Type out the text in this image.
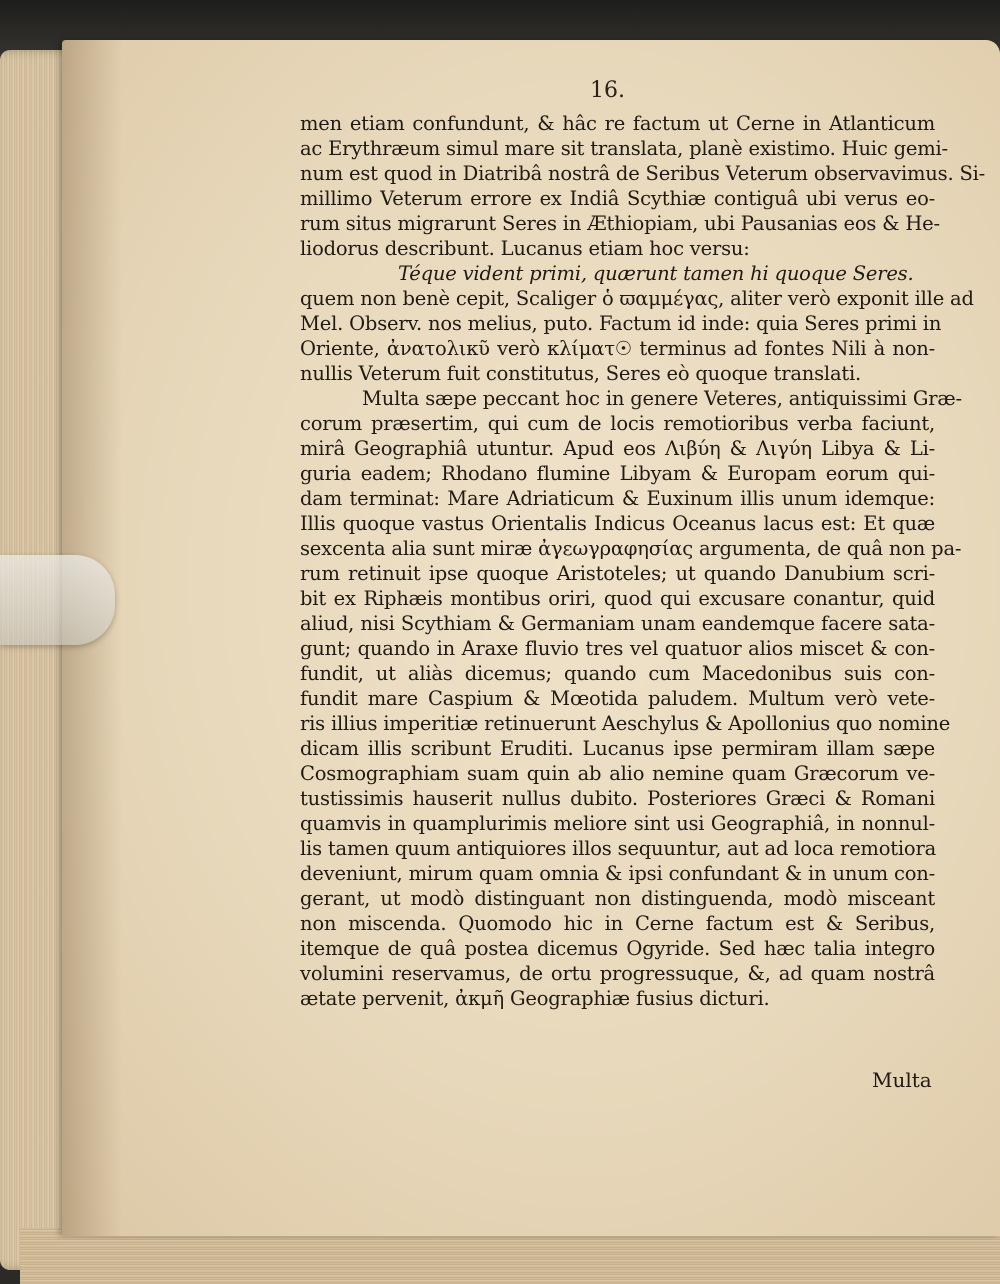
16.

men etiam confundunt, & hâc re factum ut Cerne in Atlanticum

ac Erythræum simul mare sit translata, planè existimo. Huic gemi-

num est quod in Diatribâ nostrâ de Seribus Veterum observavimus. Si-

millimo Veterum errore ex Indiâ Scythiæ contiguâ ubi verus eo-

rum situs migrarunt Seres in Æthiopiam, ubi Pausanias eos & He-

liodorus describunt. Lucanus etiam hoc versu:

Téque vident primi, quærunt tamen hi quoque Seres.

quem non benè cepit, Scaliger ὁ ϖαμμέγας, aliter verò exponit ille ad

Mel. Observ. nos melius, puto. Factum id inde: quia Seres primi in

Oriente, ἀνατολικῦ verò κλίματ☉ terminus ad fontes Nili à non-

nullis Veterum fuit constitutus, Seres eò quoque translati.

Multa sæpe peccant hoc in genere Veteres, antiquissimi Græ-

corum præsertim, qui cum de locis remotioribus verba faciunt,

mirâ Geographiâ utuntur. Apud eos Λιβύη & Λιγύη Libya & Li-

guria eadem; Rhodano flumine Libyam & Europam eorum qui-

dam terminat: Mare Adriaticum & Euxinum illis unum idemque:

Illis quoque vastus Orientalis Indicus Oceanus lacus est: Et quæ

sexcenta alia sunt miræ ἀγεωγραφησίας argumenta, de quâ non pa-

rum retinuit ipse quoque Aristoteles; ut quando Danubium scri-

bit ex Riphæis montibus oriri, quod qui excusare conantur, quid

aliud, nisi Scythiam & Germaniam unam eandemque facere sata-

gunt; quando in Araxe fluvio tres vel quatuor alios miscet & con-

fundit, ut aliàs dicemus; quando cum Macedonibus suis con-

fundit mare Caspium & Mœotida paludem. Multum verò vete-

ris illius imperitiæ retinuerunt Aeschylus & Apollonius quo nomine

dicam illis scribunt Eruditi. Lucanus ipse permiram illam sæpe

Cosmographiam suam quin ab alio nemine quam Græcorum ve-

tustissimis hauserit nullus dubito. Posteriores Græci & Romani

quamvis in quamplurimis meliore sint usi Geographiâ, in nonnul-

lis tamen quum antiquiores illos sequuntur, aut ad loca remotiora

deveniunt, mirum quam omnia & ipsi confundant & in unum con-

gerant, ut modò distinguant non distinguenda, modò misceant

non miscenda. Quomodo hic in Cerne factum est & Seribus,

itemque de quâ postea dicemus Ogyride. Sed hæc talia integro

volumini reservamus, de ortu progressuque, &, ad quam nostrâ

ætate pervenit, ἀκμῆ Geographiæ fusius dicturi.

Multa
